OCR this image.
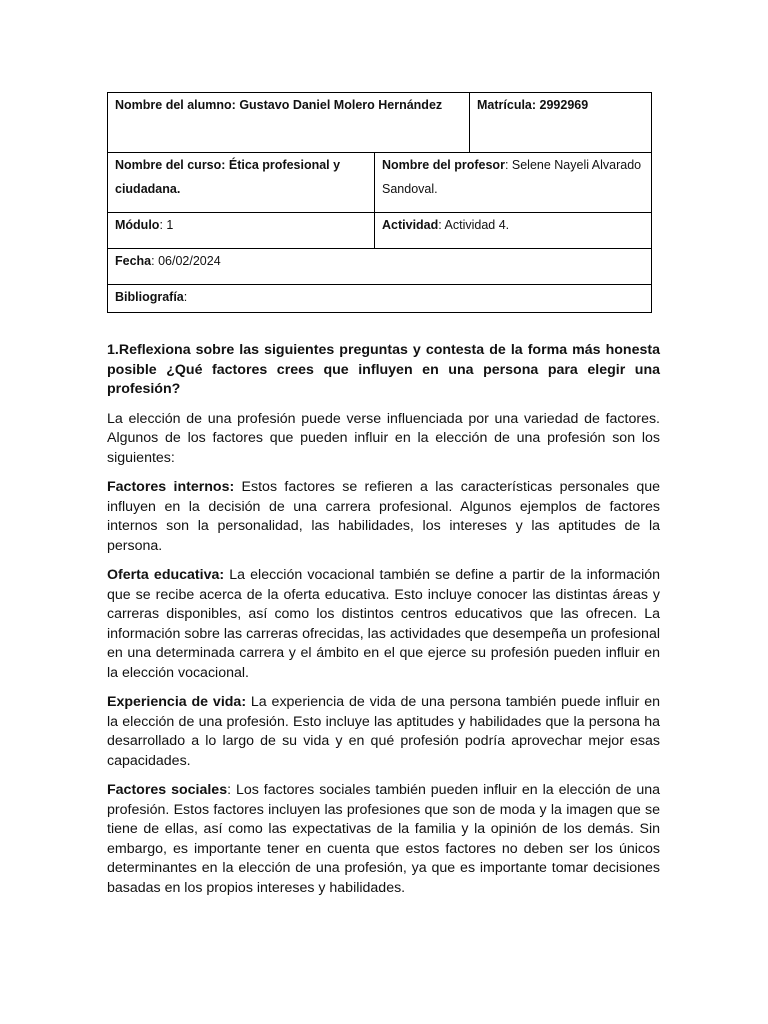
Nombre del alumno: Gustavo Daniel Molero Hernández	Matrícula: 2992969
Nombre del curso: Ética profesional y ciudadana.
Nombre del profesor: Selene Nayeli Alvarado Sandoval.
Módulo: 1	Actividad: Actividad 4.
Fecha: 06/02/2024
Bibliografía:

1.Reflexiona sobre las siguientes preguntas y contesta de la forma más honesta posible ¿Qué factores crees que influyen en una persona para elegir una profesión?

La elección de una profesión puede verse influenciada por una variedad de factores. Algunos de los factores que pueden influir en la elección de una profesión son los siguientes:

Factores internos: Estos factores se refieren a las características personales que influyen en la decisión de una carrera profesional. Algunos ejemplos de factores internos son la personalidad, las habilidades, los intereses y las aptitudes de la persona.

Oferta educativa: La elección vocacional también se define a partir de la información que se recibe acerca de la oferta educativa. Esto incluye conocer las distintas áreas y carreras disponibles, así como los distintos centros educativos que las ofrecen. La información sobre las carreras ofrecidas, las actividades que desempeña un profesional en una determinada carrera y el ámbito en el que ejerce su profesión pueden influir en la elección vocacional.

Experiencia de vida: La experiencia de vida de una persona también puede influir en la elección de una profesión. Esto incluye las aptitudes y habilidades que la persona ha desarrollado a lo largo de su vida y en qué profesión podría aprovechar mejor esas capacidades.

Factores sociales: Los factores sociales también pueden influir en la elección de una profesión. Estos factores incluyen las profesiones que son de moda y la imagen que se tiene de ellas, así como las expectativas de la familia y la opinión de los demás. Sin embargo, es importante tener en cuenta que estos factores no deben ser los únicos determinantes en la elección de una profesión, ya que es importante tomar decisiones basadas en los propios intereses y habilidades.
